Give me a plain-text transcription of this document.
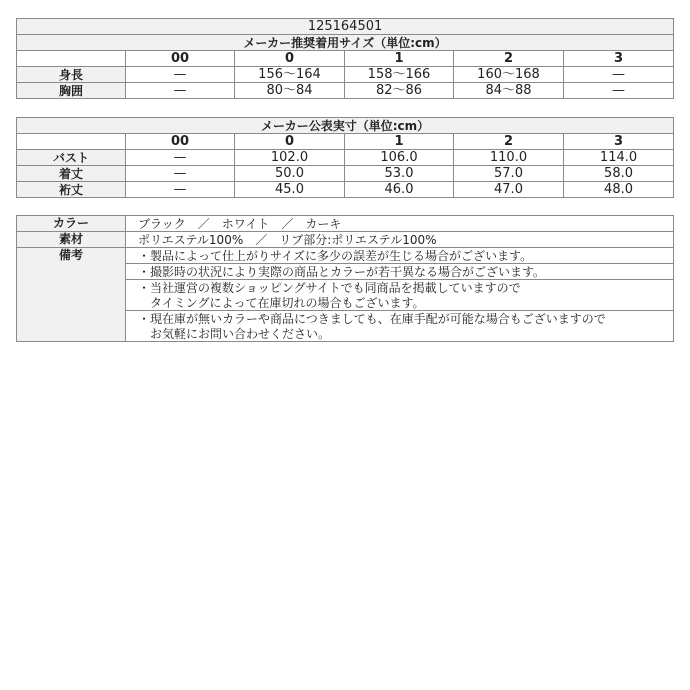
125164501					
メーカー推奨着用サイズ（単位:cm）					
	00	0	1	2	3
身長	—	156〜164	158〜166	160〜168	—
胸囲	—	80〜84	82〜86	84〜88	—
メーカー公表実寸（単位:cm）					
	00	0	1	2	3
バスト	—	102.0	106.0	110.0	114.0
着丈	—	50.0	53.0	57.0	58.0
裄丈	—	45.0	46.0	47.0	48.0
カラー	ブラック　／　ホワイト　／　カーキ
素材	ポリエステル100%　／　リブ部分:ポリエステル100%
備考	・製品によって仕上がりサイズに多少の誤差が生じる場合がございます。
	・撮影時の状況により実際の商品とカラーが若干異なる場合がございます。
	・当社運営の複数ショッピングサイトでも同商品を掲載していますので
	　タイミングによって在庫切れの場合もございます。
	・現在庫が無いカラーや商品につきましても、在庫手配が可能な場合もございますので
	　お気軽にお問い合わせください。
